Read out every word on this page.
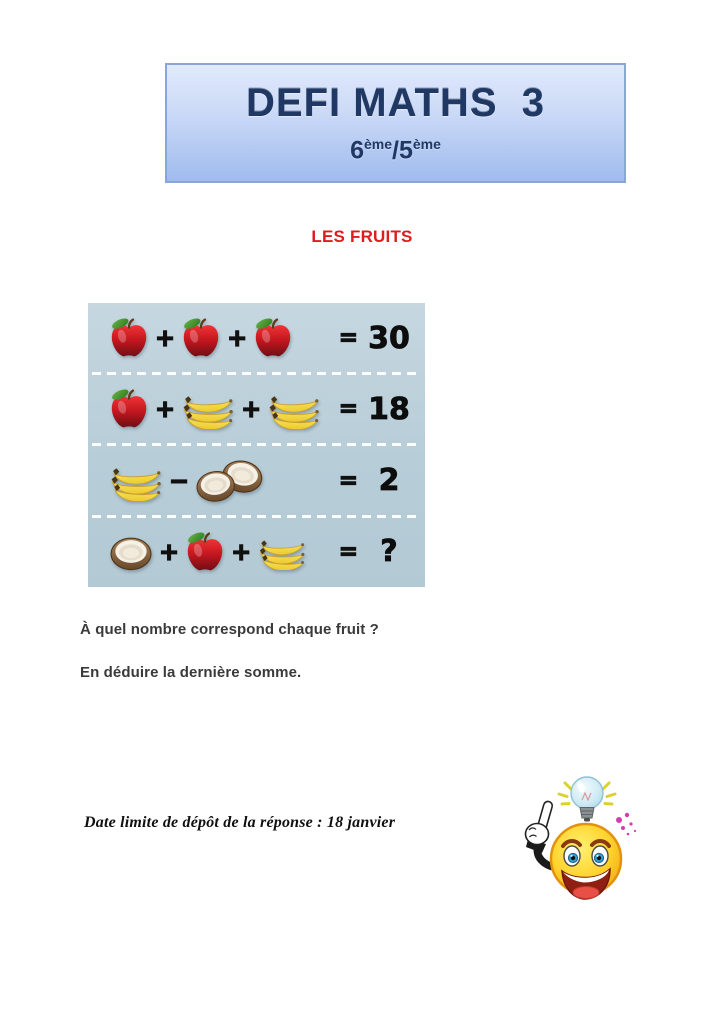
DEFI MATHS  3
6ème/5ème
LES FRUITS
+ +	= 30
+	+	= 18
−	= 2
+ +	= ?
À quel nombre correspond chaque fruit ?
En déduire la dernière somme.
Date limite de dépôt de la réponse : 18 janvier
